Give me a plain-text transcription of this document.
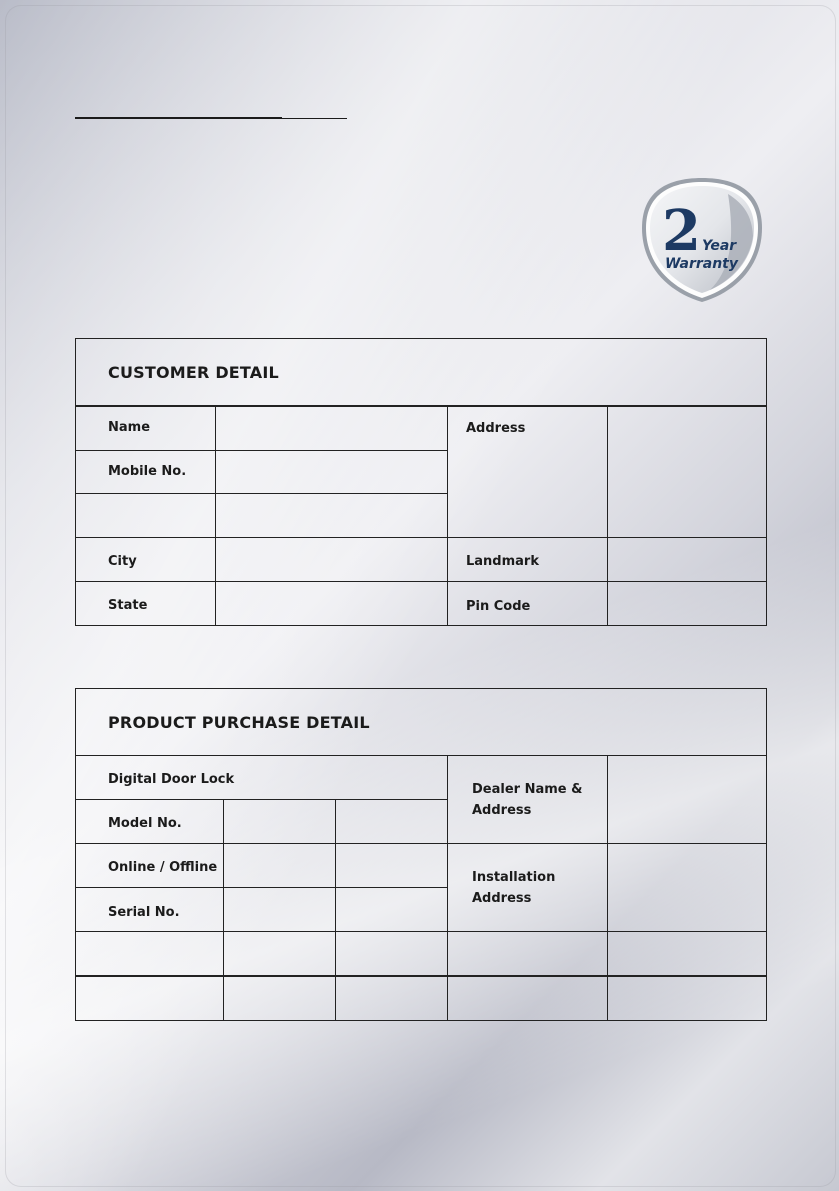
2 Year
Warranty
CUSTOMER DETAIL
Name
Mobile No.
Address
City	Landmark
State	Pin Code
PRODUCT PURCHASE DETAIL
Digital Door Lock
Model No.
Online / Offline
Serial No.
Dealer Name &
Address
Installation
Address
